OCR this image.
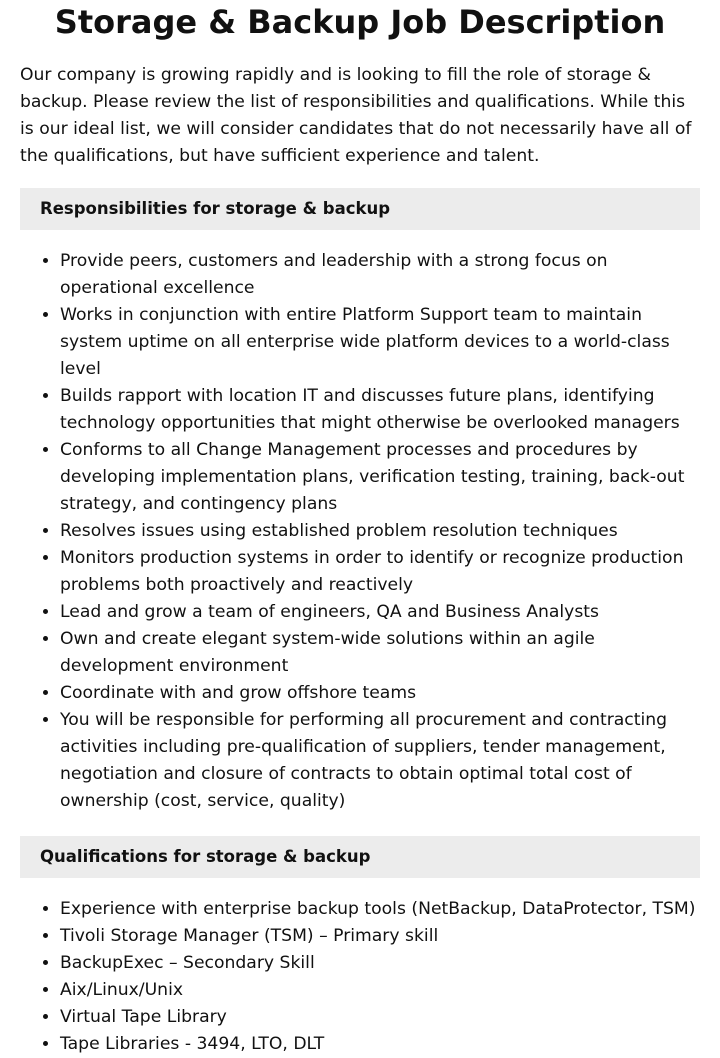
Storage & Backup Job Description

Our company is growing rapidly and is looking to fill the role of storage & backup. Please review the list of responsibilities and qualifications. While this is our ideal list, we will consider candidates that do not necessarily have all of the qualifications, but have sufficient experience and talent.

Responsibilities for storage & backup
• Provide peers, customers and leadership with a strong focus on operational excellence
• Works in conjunction with entire Platform Support team to maintain system uptime on all enterprise wide platform devices to a world-class level
• Builds rapport with location IT and discusses future plans, identifying technology opportunities that might otherwise be overlooked managers
• Conforms to all Change Management processes and procedures by developing implementation plans, verification testing, training, back-out strategy, and contingency plans
• Resolves issues using established problem resolution techniques
• Monitors production systems in order to identify or recognize production problems both proactively and reactively
• Lead and grow a team of engineers, QA and Business Analysts
• Own and create elegant system-wide solutions within an agile development environment
• Coordinate with and grow offshore teams
• You will be responsible for performing all procurement and contracting activities including pre-qualification of suppliers, tender management, negotiation and closure of contracts to obtain optimal total cost of ownership (cost, service, quality)
Qualifications for storage & backup
• Experience with enterprise backup tools (NetBackup, DataProtector, TSM)
• Tivoli Storage Manager (TSM) – Primary skill
• BackupExec – Secondary Skill
• Aix/Linux/Unix
• Virtual Tape Library
• Tape Libraries - 3494, LTO, DLT
